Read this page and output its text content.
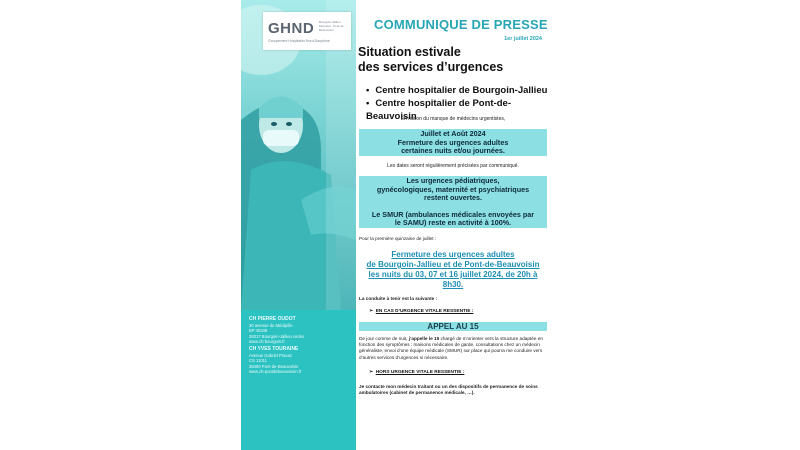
GHND
Groupement Hospitalier Nord-Dauphiné
Bourgoin-Jallieu · Morestel · Pont-de-Beauvoisin
CH PIERRE OUDOT
30 avenue du Médipôle
BP 40348
38317 Bourgoin-Jallieu cedex
www.ch-bourgoin.fr
CH YVES TOURAINE
Avenue Gabriel Pravaz
CS 11011
38480 Pont-de-Beauvoisin
www.ch-pontdebeauvoisin.fr
COMMUNIQUE DE PRESSE
1er juillet 2024
Situation estivale
des services d’urgences
• Centre hospitalier de Bourgoin-Jallieu
• Centre hospitalier de Pont-de-Beauvoisin
En raison du manque de médecins urgentistes,
Juillet et Août 2024
Fermeture des urgences adultes
certaines nuits et/ou journées.
Les dates seront régulièrement précisées par communiqué.
Les urgences pédiatriques,
gynécologiques, maternité et psychiatriques
restent ouvertes.
Le SMUR (ambulances médicales envoyées par
le SAMU) reste en activité à 100%.
Pour la première quinzaine de juillet :
Fermeture des urgences adultes
de Bourgoin-Jallieu et de Pont-de-Beauvoisin
les nuits du 03, 07 et 16 juillet 2024, de 20h à 8h30.
La conduite à tenir est la suivante :
➢ EN CAS D’URGENCE VITALE RESSENTIE :
APPEL AU 15
De jour comme de nuit, j’appelle le 15 chargé de m’orienter vers la structure adaptée en fonction des symptômes : maisons médicales de garde, consultations chez un médecin généraliste, envoi d’une équipe médicale (SMUR) sur place qui pourra me conduire vers d’autres services d’urgences si nécessaire.
➢ HORS URGENCE VITALE RESSENTIE :
Je contacte mon médecin traitant ou un des dispositifs de permanence de soins ambulatoires (cabinet de permanence médicale, …).
